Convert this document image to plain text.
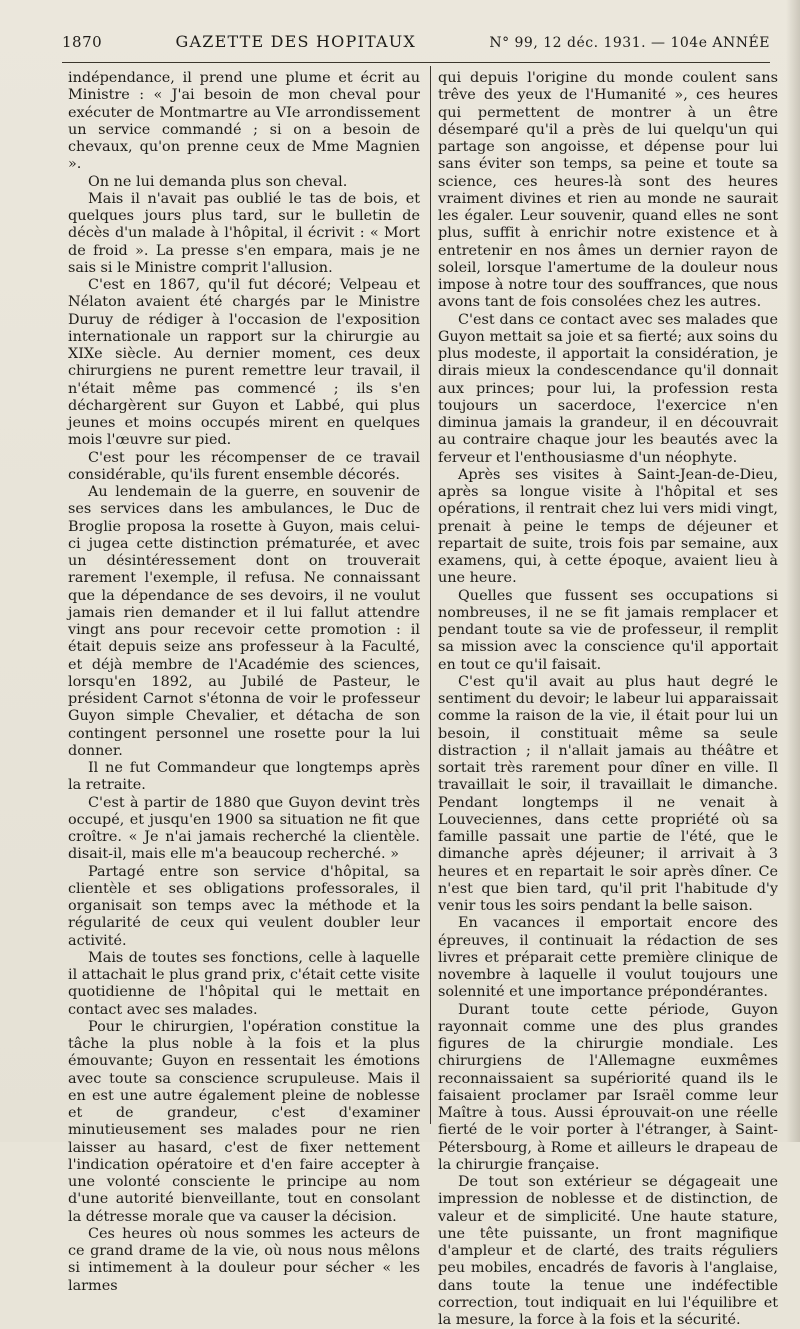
1870	GAZETTE DES HOPITAUX	N° 99, 12 déc. 1931. — 104e ANNÉE

indépendance, il prend une plume et écrit au Ministre : « J'ai besoin de mon cheval pour exécuter de Montmartre au VIe arrondissement un service commandé ; si on a besoin de chevaux, qu'on prenne ceux de Mme Magnien ».

On ne lui demanda plus son cheval.

Mais il n'avait pas oublié le tas de bois, et quelques jours plus tard, sur le bulletin de décès d'un malade à l'hôpital, il écrivit : « Mort de froid ». La presse s'en empara, mais je ne sais si le Ministre comprit l'allusion.

C'est en 1867, qu'il fut décoré; Velpeau et Nélaton avaient été chargés par le Ministre Duruy de rédiger à l'occasion de l'exposition internationale un rapport sur la chirurgie au XIXe siècle. Au dernier moment, ces deux chirurgiens ne purent remettre leur travail, il n'était même pas commencé ; ils s'en déchargèrent sur Guyon et Labbé, qui plus jeunes et moins occupés mirent en quelques mois l'œuvre sur pied.

C'est pour les récompenser de ce travail considérable, qu'ils furent ensemble décorés.

Au lendemain de la guerre, en souvenir de ses services dans les ambulances, le Duc de Broglie proposa la rosette à Guyon, mais celui-ci jugea cette distinction prématurée, et avec un désintéressement dont on trouverait rarement l'exemple, il refusa. Ne connaissant que la dépendance de ses devoirs, il ne voulut jamais rien demander et il lui fallut attendre vingt ans pour recevoir cette promotion : il était depuis seize ans professeur à la Faculté, et déjà membre de l'Académie des sciences, lorsqu'en 1892, au Jubilé de Pasteur, le président Carnot s'étonna de voir le professeur Guyon simple Chevalier, et détacha de son contingent personnel une rosette pour la lui donner.

Il ne fut Commandeur que longtemps après la retraite.

C'est à partir de 1880 que Guyon devint très occupé, et jusqu'en 1900 sa situation ne fit que croître. « Je n'ai jamais recherché la clientèle. disait-il, mais elle m'a beaucoup recherché. »

Partagé entre son service d'hôpital, sa clientèle et ses obligations professorales, il organisait son temps avec la méthode et la régularité de ceux qui veulent doubler leur activité.

Mais de toutes ses fonctions, celle à laquelle il attachait le plus grand prix, c'était cette visite quotidienne de l'hôpital qui le mettait en contact avec ses malades.

Pour le chirurgien, l'opération constitue la tâche la plus noble à la fois et la plus émouvante; Guyon en ressentait les émotions avec toute sa conscience scrupuleuse. Mais il en est une autre également pleine de noblesse et de grandeur, c'est d'examiner minutieusement ses malades pour ne rien laisser au hasard, c'est de fixer nettement l'indication opératoire et d'en faire accepter à une volonté consciente le principe au nom d'une autorité bienveillante, tout en consolant la détresse morale que va causer la décision.

Ces heures où nous sommes les acteurs de ce grand drame de la vie, où nous nous mêlons si intimement à la douleur pour sécher « les larmes

qui depuis l'origine du monde coulent sans trêve des yeux de l'Humanité », ces heures qui permettent de montrer à un être désemparé qu'il a près de lui quelqu'un qui partage son angoisse, et dépense pour lui sans éviter son temps, sa peine et toute sa science, ces heures-là sont des heures vraiment divines et rien au monde ne saurait les égaler. Leur souvenir, quand elles ne sont plus, suffit à enrichir notre existence et à entretenir en nos âmes un dernier rayon de soleil, lorsque l'amertume de la douleur nous impose à notre tour des souffrances, que nous avons tant de fois consolées chez les autres.

C'est dans ce contact avec ses malades que Guyon mettait sa joie et sa fierté; aux soins du plus modeste, il apportait la considération, je dirais mieux la condescendance qu'il donnait aux princes; pour lui, la profession resta toujours un sacerdoce, l'exercice n'en diminua jamais la grandeur, il en découvrait au contraire chaque jour les beautés avec la ferveur et l'enthousiasme d'un néophyte.

Après ses visites à Saint-Jean-de-Dieu, après sa longue visite à l'hôpital et ses opérations, il rentrait chez lui vers midi vingt, prenait à peine le temps de déjeuner et repartait de suite, trois fois par semaine, aux examens, qui, à cette époque, avaient lieu à une heure.

Quelles que fussent ses occupations si nombreuses, il ne se fit jamais remplacer et pendant toute sa vie de professeur, il remplit sa mission avec la conscience qu'il apportait en tout ce qu'il faisait.

C'est qu'il avait au plus haut degré le sentiment du devoir; le labeur lui apparaissait comme la raison de la vie, il était pour lui un besoin, il constituait même sa seule distraction ; il n'allait jamais au théâtre et sortait très rarement pour dîner en ville. Il travaillait le soir, il travaillait le dimanche. Pendant longtemps il ne venait à Louveciennes, dans cette propriété où sa famille passait une partie de l'été, que le dimanche après déjeuner; il arrivait à 3 heures et en repartait le soir après dîner. Ce n'est que bien tard, qu'il prit l'habitude d'y venir tous les soirs pendant la belle saison.

En vacances il emportait encore des épreuves, il continuait la rédaction de ses livres et préparait cette première clinique de novembre à laquelle il voulut toujours une solennité et une importance prépondérantes.

Durant toute cette période, Guyon rayonnait comme une des plus grandes figures de la chirurgie mondiale. Les chirurgiens de l'Allemagne euxmêmes reconnaissaient sa supériorité quand ils le faisaient proclamer par Israël comme leur Maître à tous. Aussi éprouvait-on une réelle fierté de le voir porter à l'étranger, à Saint-Pétersbourg, à Rome et ailleurs le drapeau de la chirurgie française.

De tout son extérieur se dégageait une impression de noblesse et de distinction, de valeur et de simplicité. Une haute stature, une tête puissante, un front magnifique d'ampleur et de clarté, des traits réguliers peu mobiles, encadrés de favoris à l'anglaise, dans toute la tenue une indéfectible correction, tout indiquait en lui l'équilibre et la mesure, la force à la fois et la sécurité.
